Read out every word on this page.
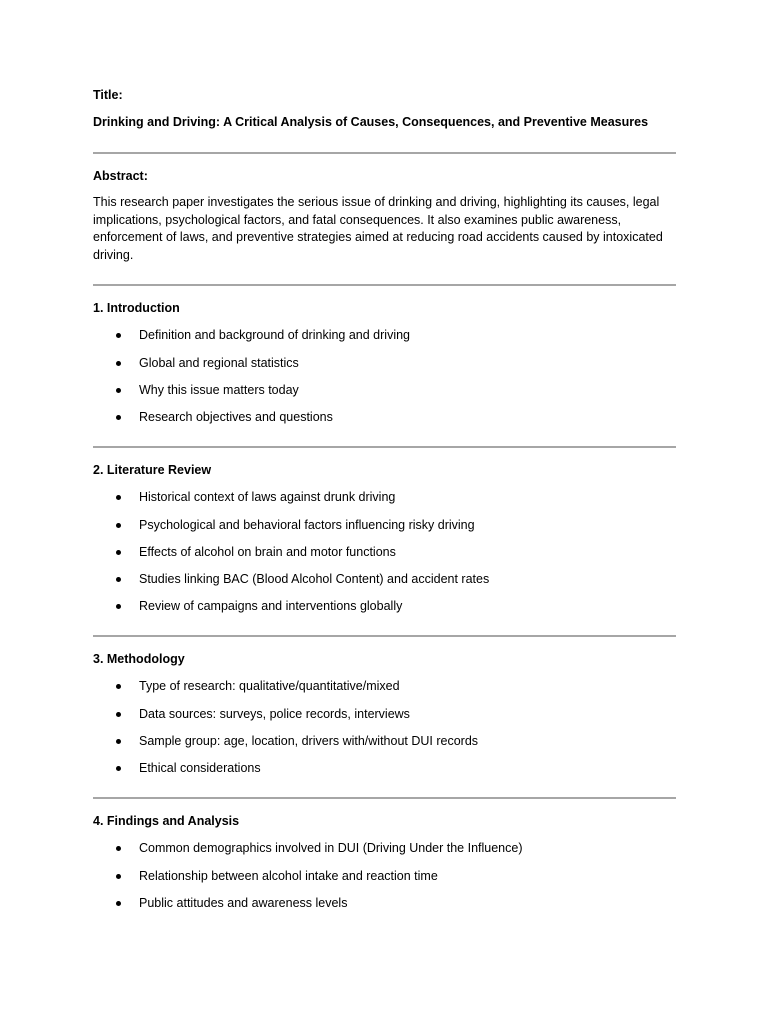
Title:

Drinking and Driving: A Critical Analysis of Causes, Consequences, and Preventive Measures

Abstract:

This research paper investigates the serious issue of drinking and driving, highlighting its causes, legal implications, psychological factors, and fatal consequences. It also examines public awareness, enforcement of laws, and preventive strategies aimed at reducing road accidents caused by intoxicated driving.

1. Introduction

Definition and background of drinking and driving
Global and regional statistics
Why this issue matters today
Research objectives and questions

2. Literature Review

Historical context of laws against drunk driving
Psychological and behavioral factors influencing risky driving
Effects of alcohol on brain and motor functions
Studies linking BAC (Blood Alcohol Content) and accident rates
Review of campaigns and interventions globally

3. Methodology

Type of research: qualitative/quantitative/mixed
Data sources: surveys, police records, interviews
Sample group: age, location, drivers with/without DUI records
Ethical considerations

4. Findings and Analysis

Common demographics involved in DUI (Driving Under the Influence)
Relationship between alcohol intake and reaction time
Public attitudes and awareness levels
